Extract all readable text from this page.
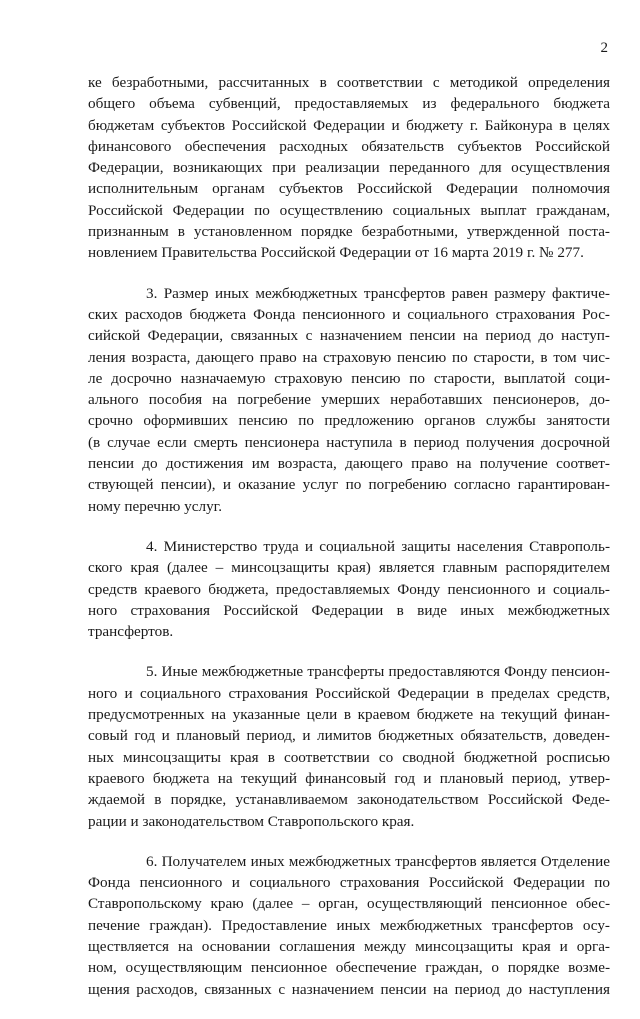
2
ке безработными, рассчитанных в соответствии с методикой определения
общего объема субвенций, предоставляемых из федерального бюджета
бюджетам субъектов Российской Федерации и бюджету г. Байконура в целях
финансового обеспечения расходных обязательств субъектов Российской
Федерации, возникающих при реализации переданного для осуществления
исполнительным органам субъектов Российской Федерации полномочия
Российской Федерации по осуществлению социальных выплат гражданам,
признанным в установленном порядке безработными, утвержденной поста-
новлением Правительства Российской Федерации от 16 марта 2019 г. № 277.
3. Размер иных межбюджетных трансфертов равен размеру фактиче-
ских расходов бюджета Фонда пенсионного и социального страхования Рос-
сийской Федерации, связанных с назначением пенсии на период до наступ-
ления возраста, дающего право на страховую пенсию по старости, в том чис-
ле досрочно назначаемую страховую пенсию по старости, выплатой соци-
ального пособия на погребение умерших неработавших пенсионеров, до-
срочно оформивших пенсию по предложению органов службы занятости
(в случае если смерть пенсионера наступила в период получения досрочной
пенсии до достижения им возраста, дающего право на получение соответ-
ствующей пенсии), и оказание услуг по погребению согласно гарантирован-
ному перечню услуг.
4. Министерство труда и социальной защиты населения Ставрополь-
ского края (далее – минсоцзащиты края) является главным распорядителем
средств краевого бюджета, предоставляемых Фонду пенсионного и социаль-
ного страхования Российской Федерации в виде иных межбюджетных
трансфертов.
5. Иные межбюджетные трансферты предоставляются Фонду пенсион-
ного и социального страхования Российской Федерации в пределах средств,
предусмотренных на указанные цели в краевом бюджете на текущий финан-
совый год и плановый период, и лимитов бюджетных обязательств, доведен-
ных минсоцзащиты края в соответствии со сводной бюджетной росписью
краевого бюджета на текущий финансовый год и плановый период, утвер-
ждаемой в порядке, устанавливаемом законодательством Российской Феде-
рации и законодательством Ставропольского края.
6. Получателем иных межбюджетных трансфертов является Отделение
Фонда пенсионного и социального страхования Российской Федерации по
Ставропольскому краю (далее – орган, осуществляющий пенсионное обес-
печение граждан). Предоставление иных межбюджетных трансфертов осу-
ществляется на основании соглашения между минсоцзащиты края и орга-
ном, осуществляющим пенсионное обеспечение граждан, о порядке возме-
щения расходов, связанных с назначением пенсии на период до наступления
